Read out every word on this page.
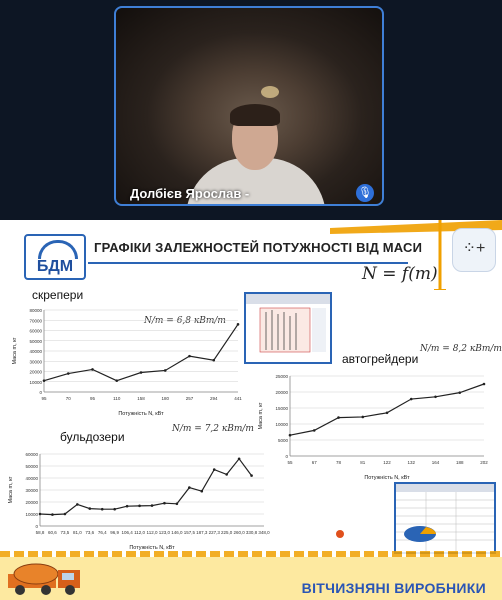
Долбієв Ярослав -	🎙
БДМ
ГРАФІКИ ЗАЛЕЖНОСТЕЙ ПОТУЖНОСТІ ВІД МАСИ
N = f(m)
⁘+
скрепери
N/m = 6,8 кВт/т
0
10000
20000
30000
40000
50000
60000
70000
80000
95	70	95	110	158	180	257	294	441
Потужність N, кВт
Маса m, кг	автогрейдери
N/m = 8,2 кВт/т
0
5000
10000
15000
20000
25000
55	67	78	81	122	132	164	188	202
Потужність N, кВт
Маса m, кг
бульдозери
N/m = 7,2 кВт/т
0
10000
20000
30000
40000
50000
60000
58,8 60,6 73,5 81,0 73,6 76,4 96,9 106,4 112,0 112,0 123,0 146,0 157,5 187,3 227,3 225,0 260,0 330,8 348,0
Потужність N, кВт
Маса m, кг
ВІТЧИЗНЯНІ ВИРОБНИКИ
